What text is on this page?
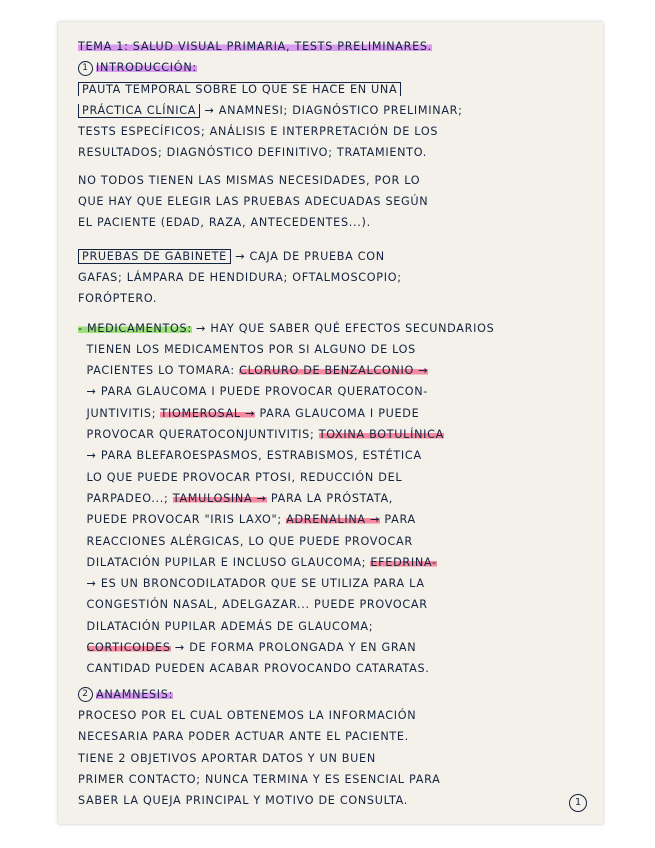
TEMA 1: SALUD VISUAL PRIMARIA, TESTS PRELIMINARES.
1 INTRODUCCIÓN:
PAUTA TEMPORAL SOBRE LO QUE SE HACE EN UNA
PRÁCTICA CLÍNICA → ANAMNESI; DIAGNÓSTICO PRELIMINAR;
TESTS ESPECÍFICOS; ANÁLISIS E INTERPRETACIÓN DE LOS
RESULTADOS; DIAGNÓSTICO DEFINITIVO; TRATAMIENTO.
NO TODOS TIENEN LAS MISMAS NECESIDADES, POR LO
QUE HAY QUE ELEGIR LAS PRUEBAS ADECUADAS SEGÚN
EL PACIENTE (EDAD, RAZA, ANTECEDENTES...).
PRUEBAS DE GABINETE → CAJA DE PRUEBA CON
GAFAS; LÁMPARA DE HENDIDURA; OFTALMOSCOPIO;
FORÓPTERO.
- MEDICAMENTOS: → HAY QUE SABER QUÉ EFECTOS SECUNDARIOS
TIENEN LOS MEDICAMENTOS POR SI ALGUNO DE LOS
PACIENTES LO TOMARA: CLORURO DE BENZALCONIO →
→ PARA GLAUCOMA I PUEDE PROVOCAR QUERATOCON-
JUNTIVITIS; TIOMEROSAL → PARA GLAUCOMA I PUEDE
PROVOCAR QUERATOCONJUNTIVITIS; TOXINA BOTULÍNICA
→ PARA BLEFAROESPASMOS, ESTRABISMOS, ESTÉTICA
LO QUE PUEDE PROVOCAR PTOSI, REDUCCIÓN DEL
PARPADEO...; TAMULOSINA → PARA LA PRÓSTATA,
PUEDE PROVOCAR "IRIS LAXO"; ADRENALINA → PARA
REACCIONES ALÉRGICAS, LO QUE PUEDE PROVOCAR
DILATACIÓN PUPILAR E INCLUSO GLAUCOMA; EFEDRINA-
→ ES UN BRONCODILATADOR QUE SE UTILIZA PARA LA
CONGESTIÓN NASAL, ADELGAZAR... PUEDE PROVOCAR
DILATACIÓN PUPILAR ADEMÁS DE GLAUCOMA;
CORTICOIDES → DE FORMA PROLONGADA Y EN GRAN
CANTIDAD PUEDEN ACABAR PROVOCANDO CATARATAS.
2 ANAMNESIS:
PROCESO POR EL CUAL OBTENEMOS LA INFORMACIÓN
NECESARIA PARA PODER ACTUAR ANTE EL PACIENTE.
TIENE 2 OBJETIVOS APORTAR DATOS Y UN BUEN
PRIMER CONTACTO; NUNCA TERMINA Y ES ESENCIAL PARA
SABER LA QUEJA PRINCIPAL Y MOTIVO DE CONSULTA.	1
